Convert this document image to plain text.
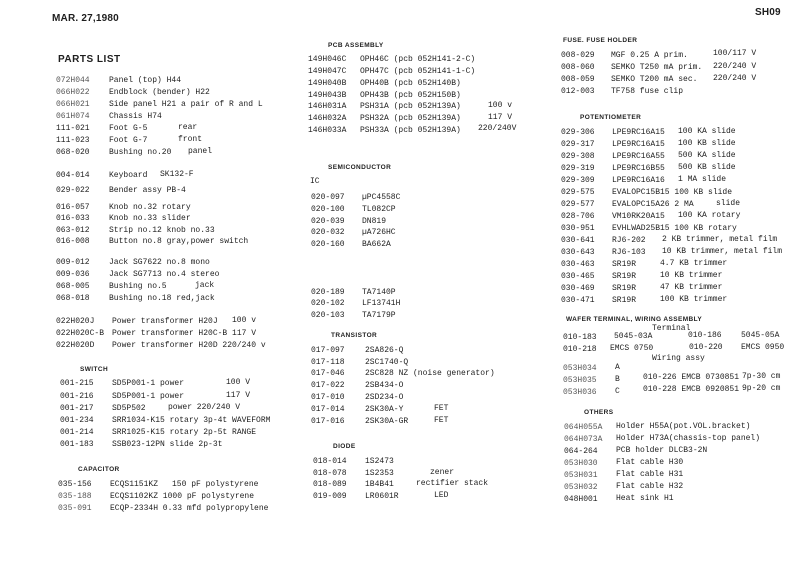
MAR. 27,1980
SH09
PARTS LIST
072H044 Panel (top) H44
066H022 Endblock (bender) H22
066H021 Side panel H21 a pair of R and L
061H074 Chassis H74
111-021 Foot G-5	rear
111-023 Foot G-7	front
068-020 Bushing no.20 panel
004-014 Keyboard SK132-F
029-022 Bender assy PB-4
016-057 Knob no.32 rotary
016-033 Knob no.33 slider
063-012 Strip no.12 knob no.33
016-008 Button no.8 gray,power switch
009-012 Jack SG7622 no.8 mono
009-036 Jack SG7713 no.4 stereo
068-005 Bushing no.5	jack
068-018 Bushing no.18 red,jack
022H020J Power transformer H20J 100 v
022H020C-B Power transformer H20C-B 117 V
022H020D Power transformer H20D 220/240 v
SWITCH
001-215 SD5P001-1 power	100 V
001-216 SD5P001-1 power	117 V
001-217 SD5P502	power 220/240 V
001-234 SRR1034-K15 rotary 3p-4t WAVEFORM
001-214 SRR1025-K15 rotary 2p-5t RANGE
001-183 SSB023-12PN slide 2p-3t
CAPACITOR
035-156 ECQS1151KZ 150 pF polystyrene
035-188 ECQS1102KZ 1000 pF polystyrene
035-091 ECQP-2334H 0.33 mfd polypropylene
PCB ASSEMBLY
149H046C OPH46C (pcb 052H141-2-C)
149H047C OPH47C (pcb 052H141-1-C)
149H040B OPH40B (pcb 052H140B)
149H043B OPH43B (pcb 052H150B)
146H031A PSH31A (pcb 052H139A)	100 v
146H032A PSH32A (pcb 052H139A)	117 V
146H033A PSH33A (pcb 052H139A) 220/240V
SEMICONDUCTOR
IC
020-097 µPC4558C
020-100 TL082CP
020-039 DN819
020-032 µA726HC
020-160 BA662A
020-189 TA7140P
020-102 LF13741H
020-103 TA7179P
TRANSISTOR
017-097	2SA826-Q
017-118	2SC1740-Q
017-046	2SC828 NZ (noise generator)
017-022	2SB434-O
017-010	2SD234-O
017-014	2SK30A-Y	FET
017-016	2SK30A-GR	FET
DIODE
018-014 1S2473
018-078 1S2353	zener
018-089 1B4B41	rectifier stack
019-009 LR0601R	LED
FUSE. FUSE HOLDER
008-029 MGF 0.25 A prim.	100/117 V
008-060 SEMKO T250 mA prim. 220/240 V
008-059 SEMKO T200 mA sec. 220/240 V
012-003 TF758 fuse clip
POTENTIOMETER
029-306 LPE9RC16A15 100 KA slide
029-317 LPE9RC16A15 100 KB slide
029-308 LPE9RC16A55 500 KA slide
029-319 LPE9RC16B55 500 KB slide
029-309 LPE9RC16A16 1 MA slide
029-575 EVALOPC15B15 100 KB slide
029-577 EVALOPC15A26 2 MA	slide
028-706 VM10RK20A15 100 KA rotary
030-951 EVHLWAD25B15 100 KB rotary
030-641 RJ6-202 2 KB trimmer, metal film
030-643 RJ6-103 10 KB trimmer, metal film
030-463 SR19R	4.7 KB trimmer
030-465 SR19R	10 KB trimmer
030-469 SR19R	47 KB trimmer
030-471 SR19R	100 KB trimmer
WAFER TERMINAL, WIRING ASSEMBLY
Terminal
010-183 5045-03A	010-186 5045-05A
010-218 EMCS 0750	010-220 EMCS 0950
Wiring assy
053H034 A
053H035 B	010-226 EMCB 0730851 7p-30 cm
053H036 C	010-228 EMCB 0920851 9p-20 cm
OTHERS
064H055A Holder H55A(pot.VOL.bracket)
064H073A Holder H73A(chassis-top panel)
064-264 PCB holder DLCB3-2N
053H030 Flat cable H30
053H031 Flat cable H31
053H032 Flat cable H32
048H001 Heat sink H1
